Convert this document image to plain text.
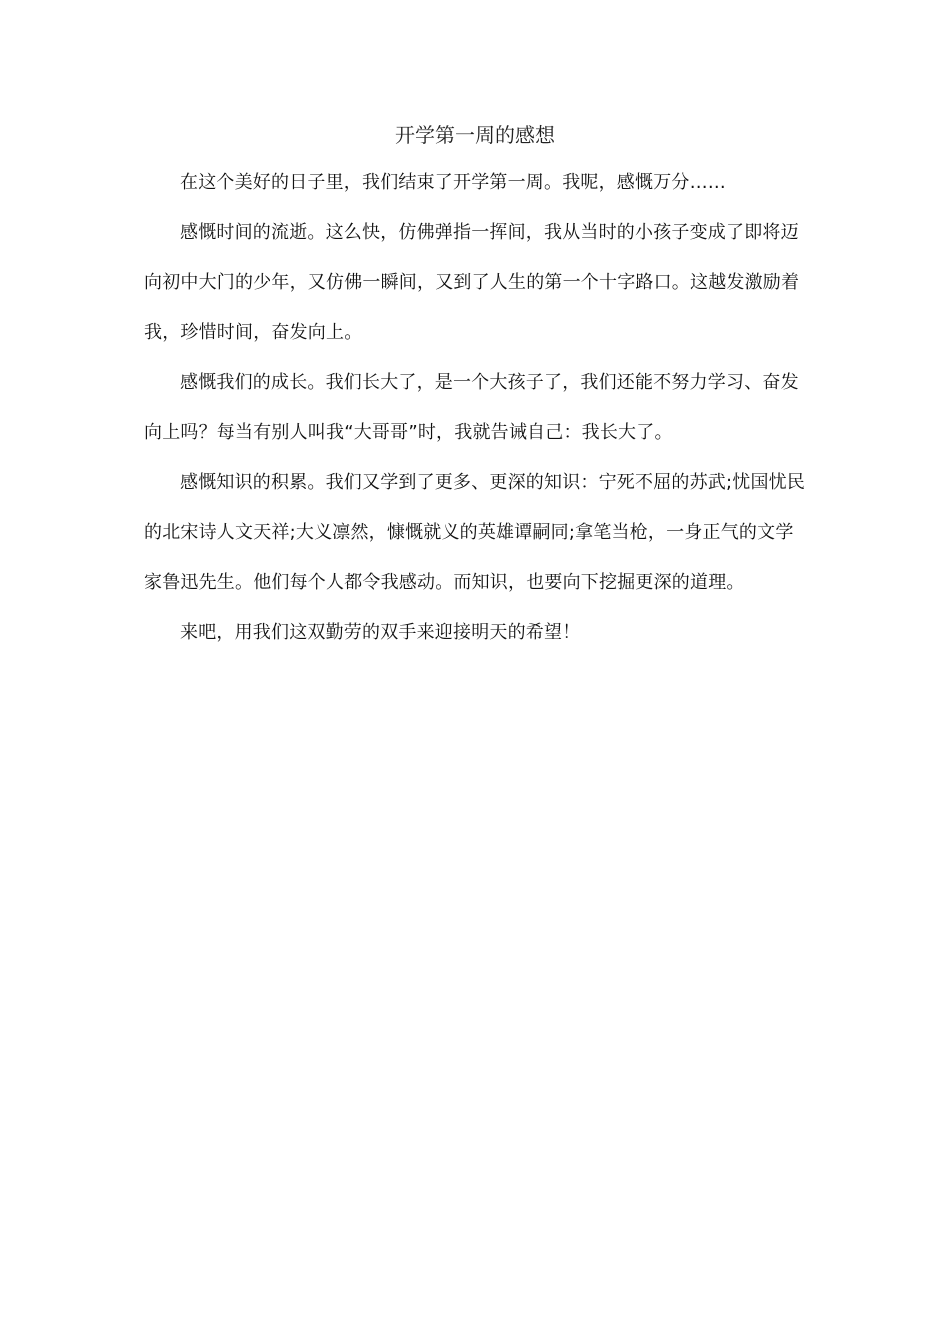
开学第一周的感想

在这个美好的日子里，我们结束了开学第一周。我呢，感慨万分……

感慨时间的流逝。这么快，仿佛弹指一挥间，我从当时的小孩子变成了即将迈向初中大门的少年，又仿佛一瞬间，又到了人生的第一个十字路口。这越发激励着我，珍惜时间，奋发向上。

感慨我们的成长。我们长大了，是一个大孩子了，我们还能不努力学习、奋发向上吗？每当有别人叫我“大哥哥”时，我就告诫自己：我长大了。

感慨知识的积累。我们又学到了更多、更深的知识：宁死不屈的苏武;忧国忧民的北宋诗人文天祥;大义凛然，慷慨就义的英雄谭嗣同;拿笔当枪，一身正气的文学家鲁迅先生。他们每个人都令我感动。而知识，也要向下挖掘更深的道理。

来吧，用我们这双勤劳的双手来迎接明天的希望！
